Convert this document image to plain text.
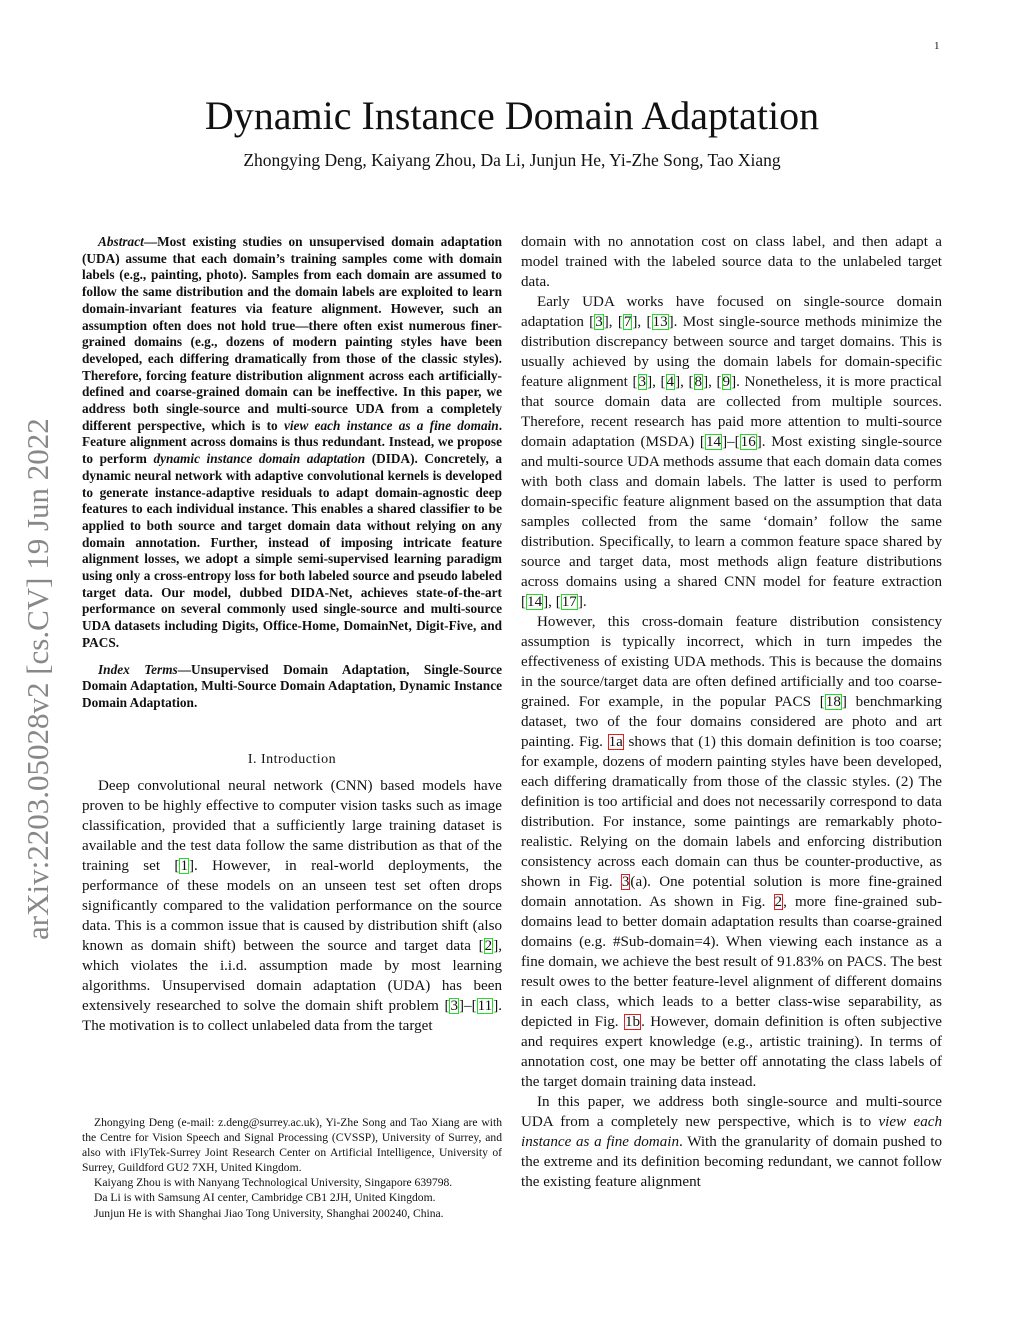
1
arXiv:2203.05028v2 [cs.CV] 19 Jun 2022
Dynamic Instance Domain Adaptation
Zhongying Deng, Kaiyang Zhou, Da Li, Junjun He, Yi-Zhe Song, Tao Xiang

Abstract—Most existing studies on unsupervised domain adaptation (UDA) assume that each domain’s training samples come with domain labels (e.g., painting, photo). Samples from each domain are assumed to follow the same distribution and the domain labels are exploited to learn domain-invariant features via feature alignment. However, such an assumption often does not hold true—there often exist numerous finer-grained domains (e.g., dozens of modern painting styles have been developed, each differing dramatically from those of the classic styles). Therefore, forcing feature distribution alignment across each artificially-defined and coarse-grained domain can be ineffective. In this paper, we address both single-source and multi-source UDA from a completely different perspective, which is to view each instance as a fine domain. Feature alignment across domains is thus redundant. Instead, we propose to perform dynamic instance domain adaptation (DIDA). Concretely, a dynamic neural network with adaptive convolutional kernels is developed to generate instance-adaptive residuals to adapt domain-agnostic deep features to each individual instance. This enables a shared classifier to be applied to both source and target domain data without relying on any domain annotation. Further, instead of imposing intricate feature alignment losses, we adopt a simple semi-supervised learning paradigm using only a cross-entropy loss for both labeled source and pseudo labeled target data. Our model, dubbed DIDA-Net, achieves state-of-the-art performance on several commonly used single-source and multi-source UDA datasets including Digits, Office-Home, DomainNet, Digit-Five, and PACS.

Index Terms—Unsupervised Domain Adaptation, Single-Source Domain Adaptation, Multi-Source Domain Adaptation, Dynamic Instance Domain Adaptation.

I. Introduction

Deep convolutional neural network (CNN) based models have proven to be highly effective to computer vision tasks such as image classification, provided that a sufficiently large training dataset is available and the test data follow the same distribution as that of the training set [1]. However, in real-world deployments, the performance of these models on an unseen test set often drops significantly compared to the validation performance on the source data. This is a common issue that is caused by distribution shift (also known as domain shift) between the source and target data [2], which violates the i.i.d. assumption made by most learning algorithms. Unsupervised domain adaptation (UDA) has been extensively researched to solve the domain shift problem [3]–[11]. The motivation is to collect unlabeled data from the target

Zhongying Deng (e-mail: z.deng@surrey.ac.uk), Yi-Zhe Song and Tao Xiang are with the Centre for Vision Speech and Signal Processing (CVSSP), University of Surrey, and also with iFlyTek-Surrey Joint Research Center on Artificial Intelligence, University of Surrey, Guildford GU2 7XH, United Kingdom.

Kaiyang Zhou is with Nanyang Technological University, Singapore 639798.

Da Li is with Samsung AI center, Cambridge CB1 2JH, United Kingdom.

Junjun He is with Shanghai Jiao Tong University, Shanghai 200240, China.

domain with no annotation cost on class label, and then adapt a model trained with the labeled source data to the unlabeled target data.

Early UDA works have focused on single-source domain adaptation [3], [7], [13]. Most single-source methods minimize the distribution discrepancy between source and target domains. This is usually achieved by using the domain labels for domain-specific feature alignment [3], [4], [8], [9]. Nonetheless, it is more practical that source domain data are collected from multiple sources. Therefore, recent research has paid more attention to multi-source domain adaptation (MSDA) [14]–[16]. Most existing single-source and multi-source UDA methods assume that each domain data comes with both class and domain labels. The latter is used to perform domain-specific feature alignment based on the assumption that data samples collected from the same ‘domain’ follow the same distribution. Specifically, to learn a common feature space shared by source and target data, most methods align feature distributions across domains using a shared CNN model for feature extraction [14], [17].

However, this cross-domain feature distribution consistency assumption is typically incorrect, which in turn impedes the effectiveness of existing UDA methods. This is because the domains in the source/target data are often defined artificially and too coarse-grained. For example, in the popular PACS [18] benchmarking dataset, two of the four domains considered are photo and art painting. Fig. 1a shows that (1) this domain definition is too coarse; for example, dozens of modern painting styles have been developed, each differing dramatically from those of the classic styles. (2) The definition is too artificial and does not necessarily correspond to data distribution. For instance, some paintings are remarkably photo-realistic. Relying on the domain labels and enforcing distribution consistency across each domain can thus be counter-productive, as shown in Fig. 3(a). One potential solution is more fine-grained domain annotation. As shown in Fig. 2, more fine-grained sub-domains lead to better domain adaptation results than coarse-grained domains (e.g. #Sub-domain=4). When viewing each instance as a fine domain, we achieve the best result of 91.83% on PACS. The best result owes to the better feature-level alignment of different domains in each class, which leads to a better class-wise separability, as depicted in Fig. 1b. However, domain definition is often subjective and requires expert knowledge (e.g., artistic training). In terms of annotation cost, one may be better off annotating the class labels of the target domain training data instead.

In this paper, we address both single-source and multi-source UDA from a completely new perspective, which is to view each instance as a fine domain. With the granularity of domain pushed to the extreme and its definition becoming redundant, we cannot follow the existing feature alignment
